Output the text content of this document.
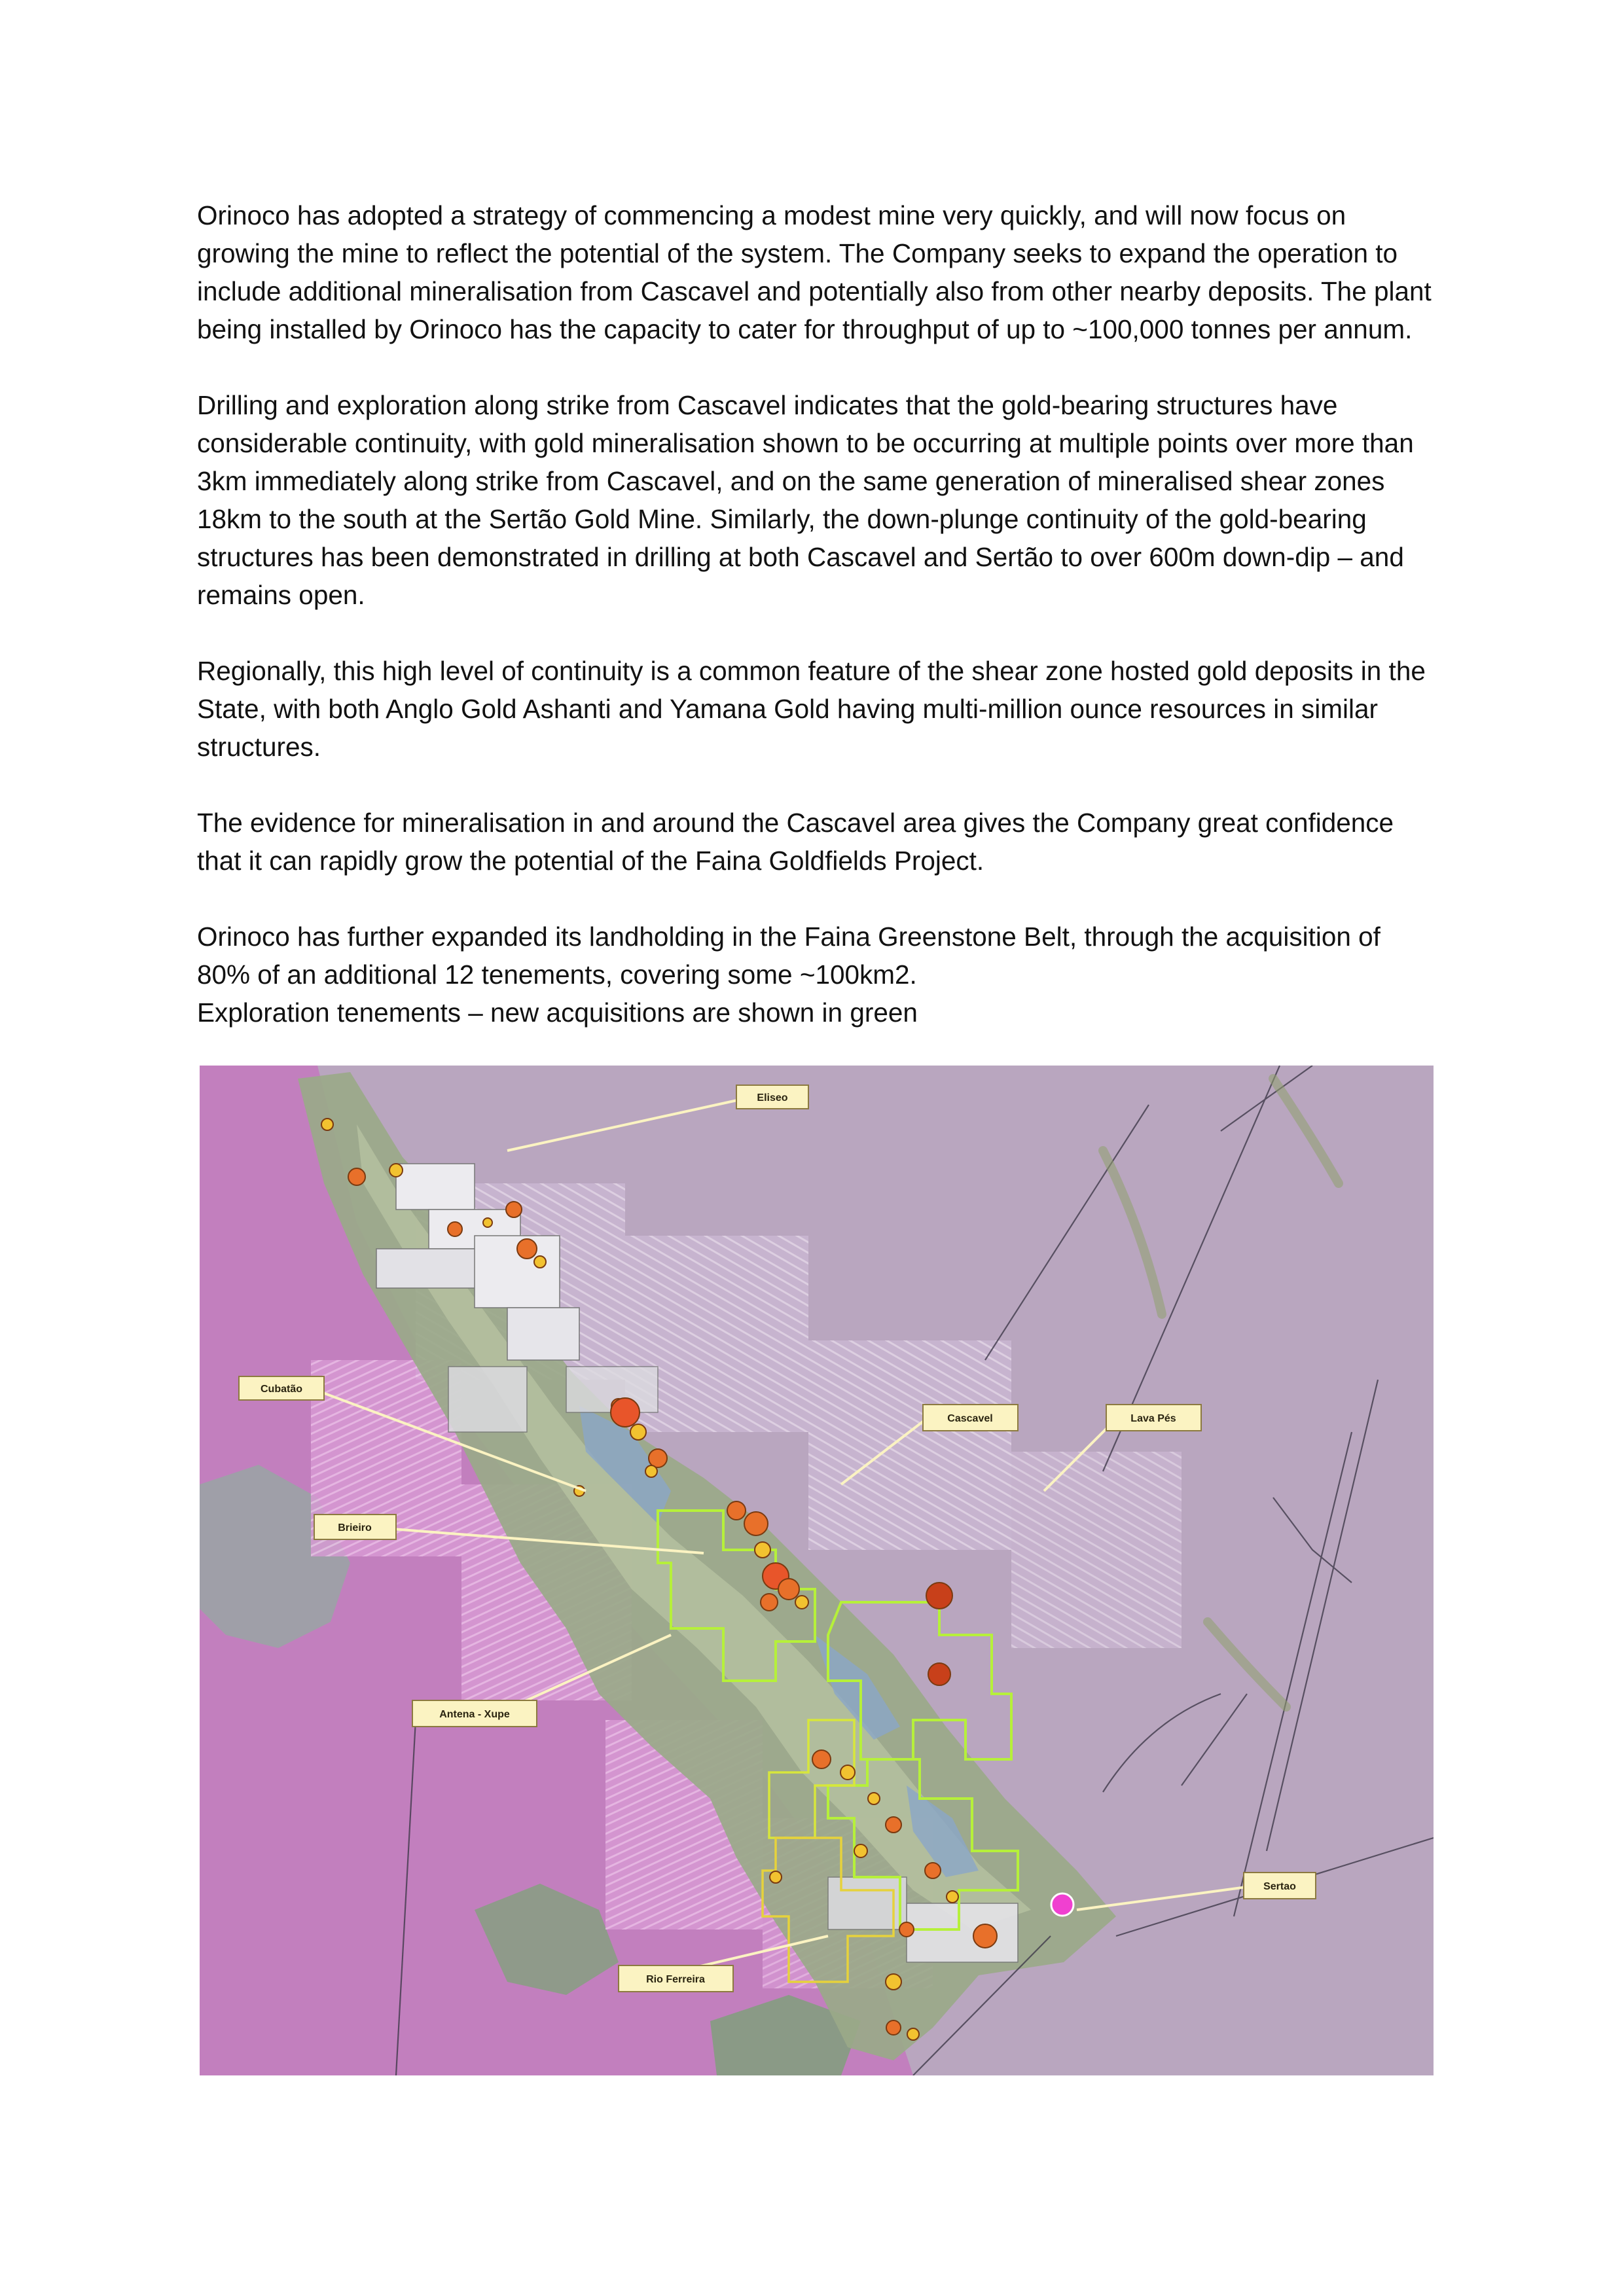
Orinoco has adopted a strategy of commencing a modest mine very quickly, and will now focus on growing the mine to reflect the potential of the system. The Company seeks to expand the operation to include additional mineralisation from Cascavel and potentially also from other nearby deposits. The plant being installed by Orinoco has the capacity to cater for throughput of up to ~100,000 tonnes per annum.

Drilling and exploration along strike from Cascavel indicates that the gold-bearing structures have considerable continuity, with gold mineralisation shown to be occurring at multiple points over more than 3km immediately along strike from Cascavel, and on the same generation of mineralised shear zones 18km to the south at the Sertão Gold Mine. Similarly, the down-plunge continuity of the gold-bearing structures has been demonstrated in drilling at both Cascavel and Sertão to over 600m down-dip – and remains open.

Regionally, this high level of continuity is a common feature of the shear zone hosted gold deposits in the State, with both Anglo Gold Ashanti and Yamana Gold having multi-million ounce resources in similar structures.

The evidence for mineralisation in and around the Cascavel area gives the Company great confidence that it can rapidly grow the potential of the Faina Goldfields Project.

Orinoco has further expanded its landholding in the Faina Greenstone Belt, through the acquisition of 80% of an additional 12 tenements, covering some ~100km2.

Exploration tenements – new acquisitions are shown in green

Eliseo
Cubatão
Cascavel	Lava Pés
Brieiro
Antena - Xupe
Sertao
Rio Ferreira
